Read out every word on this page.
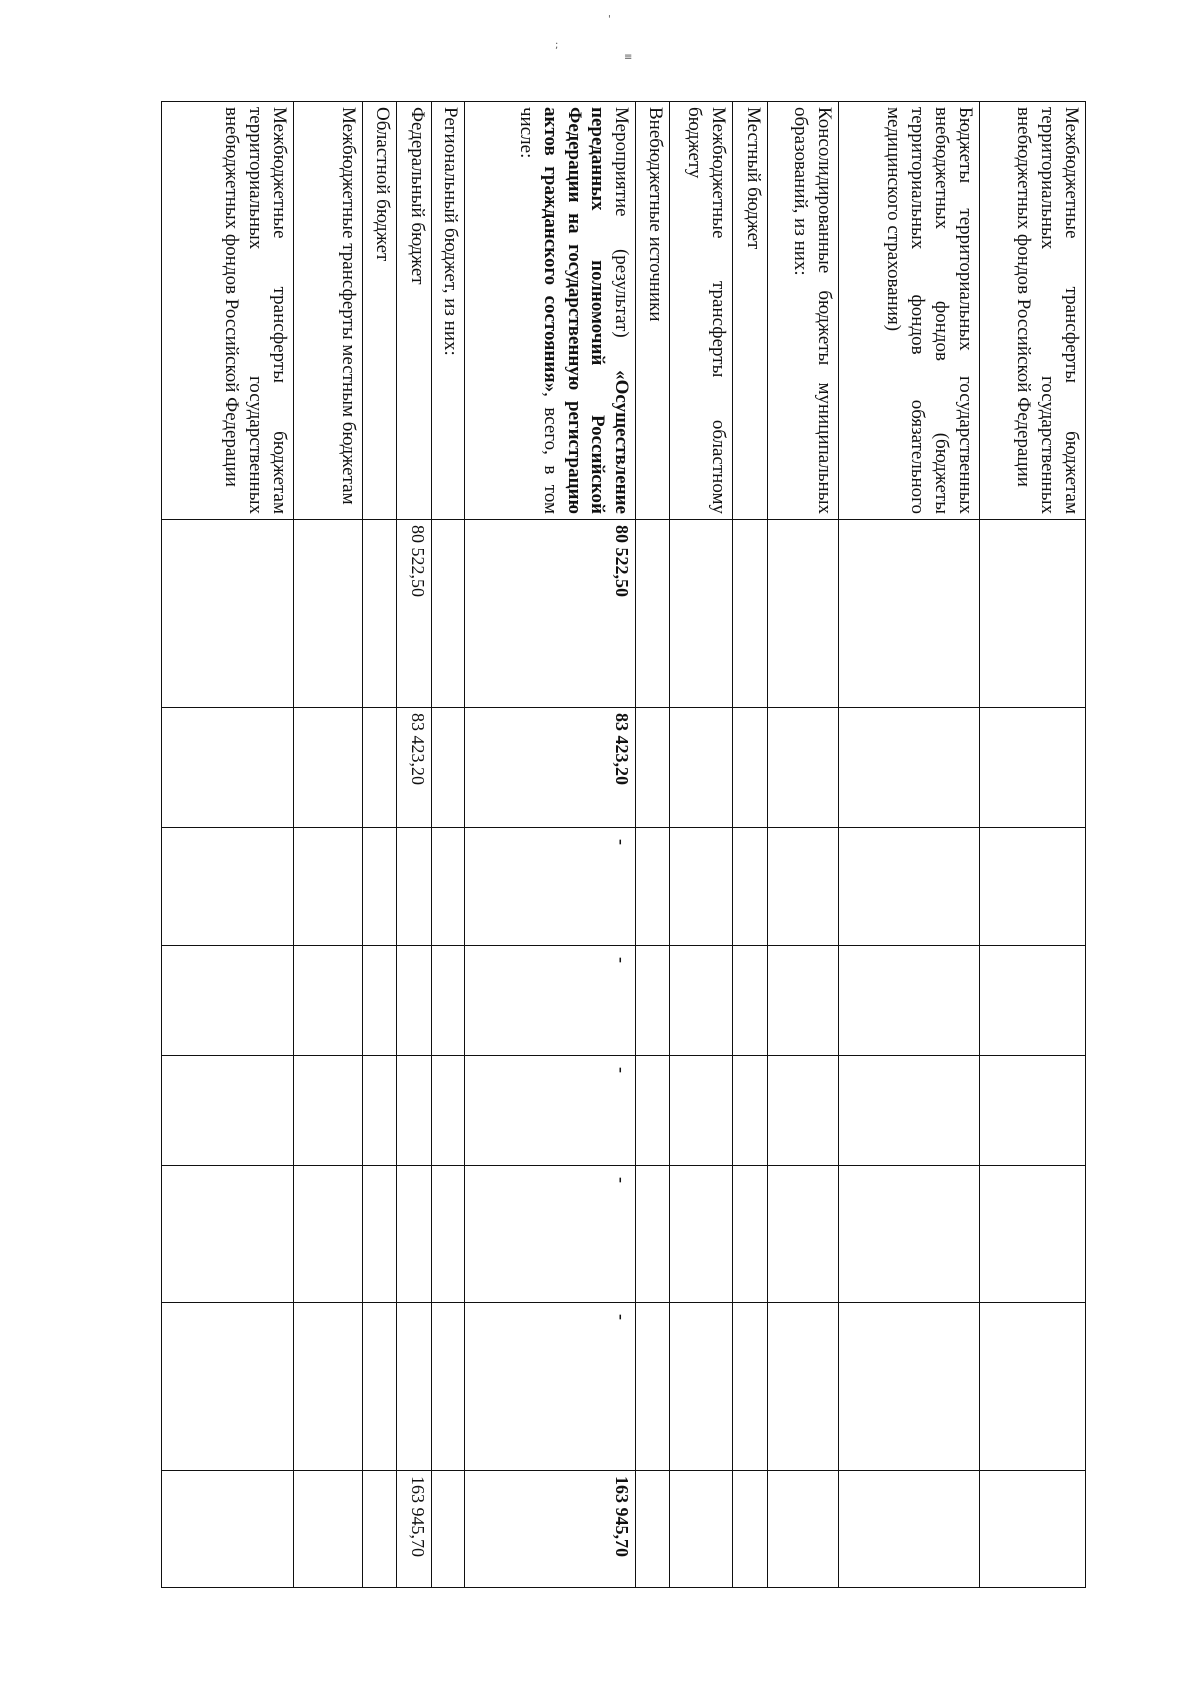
'
;
≡
Межбюджетные трансферты бюджетам территориальных государственных внебюджетных фондов Российской Федерации								
Бюджеты территориальных государственных внебюджетных фондов (бюджеты территориальных фондов обязательного медицинского страхования)								
Консолидированные бюджеты муниципальных образований, из них:								
Местный бюджет								
Межбюджетные трансферты областному бюджету								
Внебюджетные источники								
Мероприятие (результат) «Осуществление переданных полномочий Российской Федерации на государственную регистрацию актов гражданского состояния», всего, в том числе:	80 522,50	83 423,20	-	-	-	-	-	163 945,70
Региональный бюджет, из них:								
Федеральный бюджет	80 522,50	83 423,20						163 945,70
Областной бюджет								
Межбюджетные трансферты местным бюджетам								
Межбюджетные трансферты бюджетам территориальных государственных внебюджетных фондов Российской Федерации								
